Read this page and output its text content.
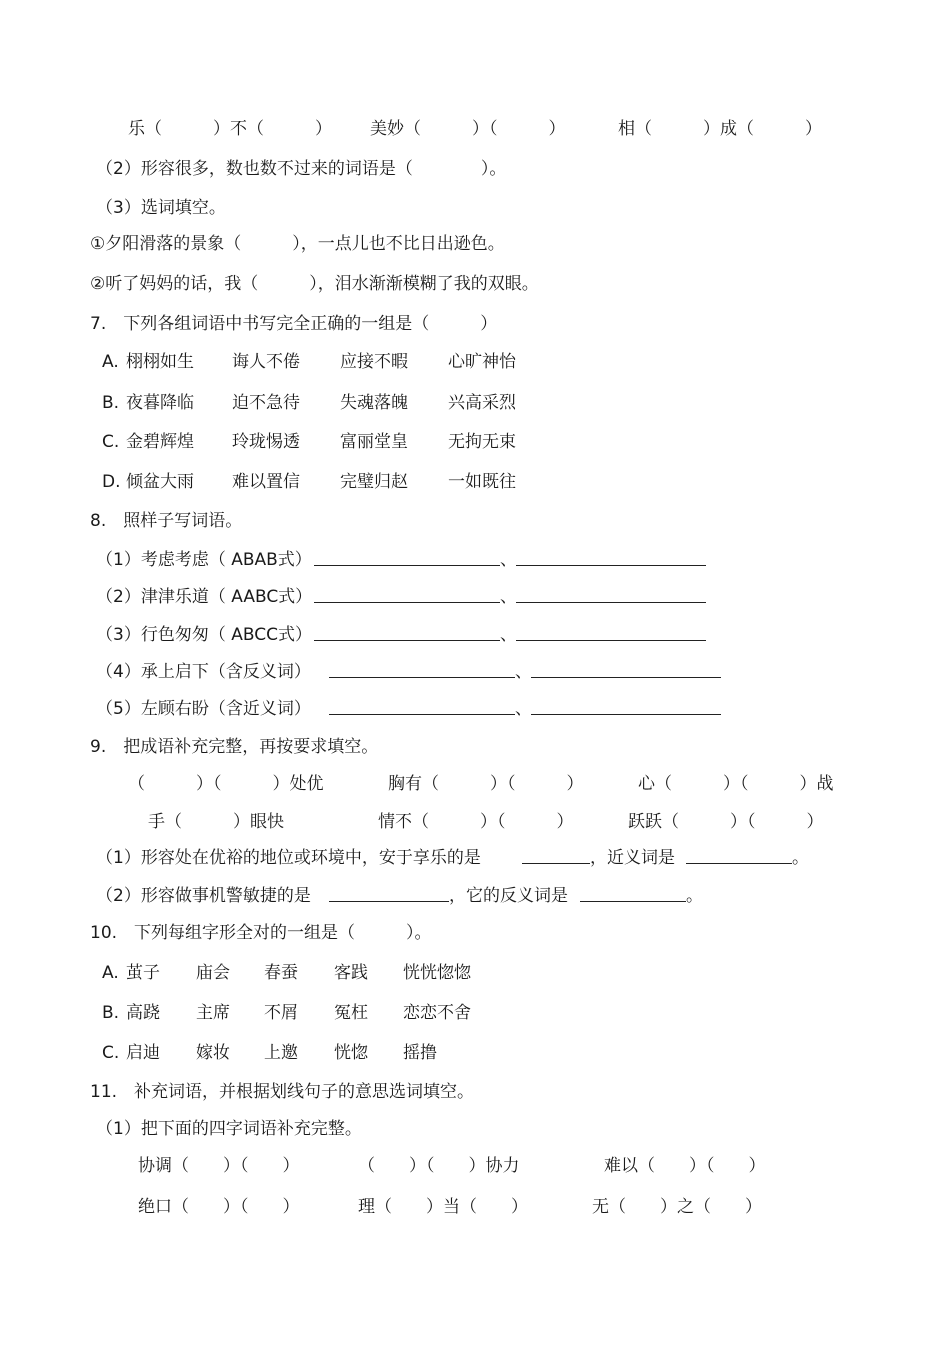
乐（　　　）不（　　　） 美妙（　　　）（　　　）	相（　　　）成（　　　）
（2）形容很多，数也数不过来的词语是（　　　　）。
（3）选词填空。
①夕阳滑落的景象（　　　），一点儿也不比日出逊色。
②听了妈妈的话，我（　　　），泪水渐渐模糊了我的双眼。
7.　下列各组词语中书写完全正确的一组是（　　　）
A. 栩栩如生 诲人不倦 应接不暇 心旷神怡
B. 夜暮降临 迫不急待 失魂落魄 兴高采烈
C. 金碧辉煌 玲珑惕透 富丽堂皇 无拘无束
D. 倾盆大雨 难以置信 完璧归赵 一如既往
8.　照样子写词语。
（1）考虑考虑（ ABAB式）	、
（2）津津乐道（ AABC式）	、
（3）行色匆匆（ ABCC式）	、
（4）承上启下（含反义词）	、
（5）左顾右盼（含近义词）	、
9.　把成语补充完整，再按要求填空。
（　　　）（　　　）处优	胸有（　　　）（　　　）	心（　　　）（　　　）战
手（　　　）眼快	情不（　　　）（　　　）	跃跃（　　　）（　　　）
（1）形容处在优裕的地位或环境中，安于享乐的是	，近义词是	。
（2）形容做事机警敏捷的是	，它的反义词是	。
10.　下列每组字形全对的一组是（　　　）。
A. 茧子 庙会 春蚕 客践 恍恍惚惚
B. 高跷 主席 不屑 冤枉 恋恋不舍
C. 启迪 嫁妆 上邀 恍惚 摇撸
11.　补充词语，并根据划线句子的意思选词填空。
（1）把下面的四字词语补充完整。
协调（　　）（　　）	（　　）（　　）协力	难以（　　）（　　）
绝口（　　）（　　）	理（　　）当（　　）	无（　　）之（　　）
